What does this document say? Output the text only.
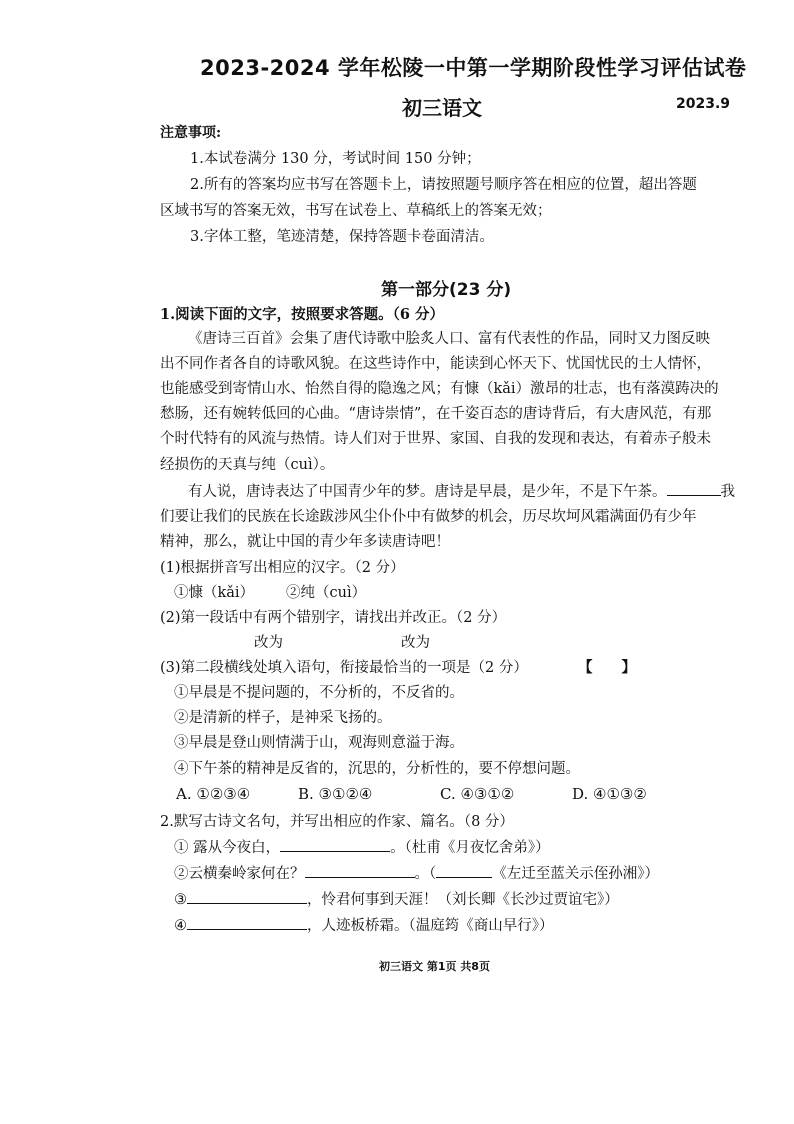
2023-2024 学年松陵一中第一学期阶段性学习评估试卷
初三语文	2023.9
注意事项:
1.本试卷满分 130 分，考试时间 150 分钟；
2.所有的答案均应书写在答题卡上，请按照题号顺序答在相应的位置，超出答题
区域书写的答案无效，书写在试卷上、草稿纸上的答案无效；
3.字体工整，笔迹清楚，保持答题卡卷面清洁。
第一部分(23 分)
1.阅读下面的文字，按照要求答题。（6 分）
《唐诗三百首》会集了唐代诗歌中脍炙人口、富有代表性的作品，同时又力图反映
出不同作者各自的诗歌风貌。在这些诗作中，能读到心怀天下、忧国忧民的士人情怀，
也能感受到寄情山水、怡然自得的隐逸之风；有慷（kǎi）激昂的壮志，也有落漠踌决的
愁肠，还有婉转低回的心曲。“唐诗崇情”，在千姿百态的唐诗背后，有大唐风范，有那
个时代特有的风流与热情。诗人们对于世界、家国、自我的发现和表达，有着赤子般未
经损伤的天真与纯（cuì）。
有人说，唐诗表达了中国青少年的梦。唐诗是早晨，是少年，不是下午茶。	我
们要让我们的民族在长途跋涉风尘仆仆中有做梦的机会，历尽坎坷风霜满面仍有少年
精神，那么，就让中国的青少年多读唐诗吧！
(1)根据拼音写出相应的汉字。（2 分）
①慷（kǎi） ②纯（cuì）
(2)第一段话中有两个错别字，请找出并改正。（2 分）
改为	改为
(3)第二段横线处填入语句，衔接最恰当的一项是（2 分）	【　　】
①早晨是不提问题的，不分析的，不反省的。
②是清新的样子，是神采飞扬的。
③早晨是登山则情满于山，观海则意溢于海。
④下午茶的精神是反省的，沉思的，分析性的，要不停想问题。
A. ①②③④	B. ③①②④	C. ④③①②	D. ④①③②
2.默写古诗文名句，并写出相应的作家、篇名。（8 分）
① 露从今夜白，	。（杜甫《月夜忆舍弟》）
②云横秦岭家何在？	。（	《左迁至蓝关示侄孙湘》）
③	，怜君何事到天涯！（刘长卿《长沙过贾谊宅》）
④	，人迹板桥霜。（温庭筠《商山早行》）
初三语文 第1页 共8页
